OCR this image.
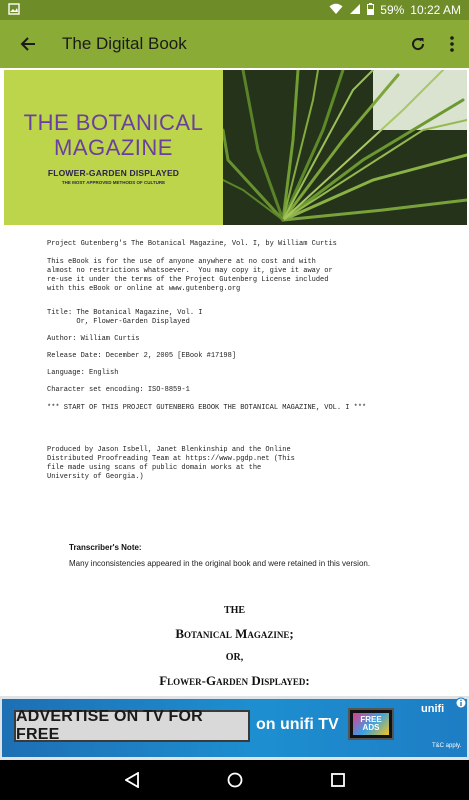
59% 10:22 AM
The Digital Book
THE BOTANICAL
MAGAZINE
FLOWER-GARDEN DISPLAYED
THE MOST APPROVED METHODS OF CULTURE
Project Gutenberg's The Botanical Magazine, Vol. I, by William Curtis
This eBook is for the use of anyone anywhere at no cost and with
almost no restrictions whatsoever.  You may copy it, give it away or
re-use it under the terms of the Project Gutenberg License included
with this eBook or online at www.gutenberg.org
Title: The Botanical Magazine, Vol. I
Or, Flower-Garden Displayed
Author: William Curtis
Release Date: December 2, 2005 [EBook #17198]
Language: English
Character set encoding: ISO-8859-1
*** START OF THIS PROJECT GUTENBERG EBOOK THE BOTANICAL MAGAZINE, VOL. I ***
Produced by Jason Isbell, Janet Blenkinship and the Online
Distributed Proofreading Team at https://www.pgdp.net (This
file made using scans of public domain works at the
University of Georgia.)
Transcriber's Note:
Many inconsistencies appeared in the original book and were retained in this version.
THE
Botanical Magazine;
OR,
Flower-Garden Displayed:
ADVERTISE ON TV FOR FREE
on unifi TV	FREE
ADS
unifi
T&C apply.
